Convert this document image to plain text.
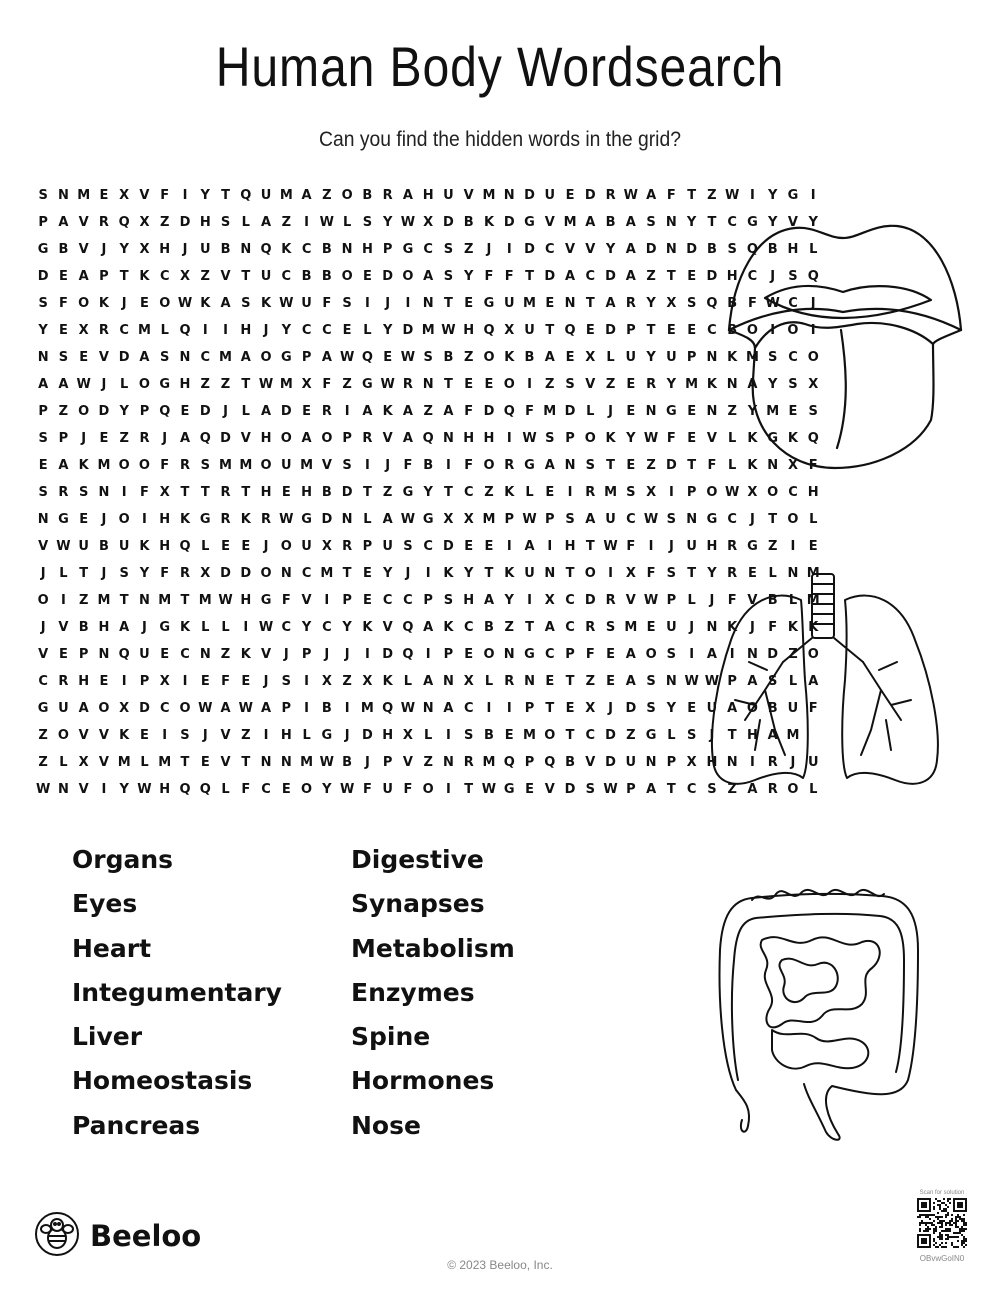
Human Body Wordsearch
Can you find the hidden words in the grid?
S N M E X V F I Y T Q U M A Z O B R A H U V M N D U E D R W A F T Z W I Y G I
P A V R Q X Z D H S L A Z I W L S Y W X D B K D G V M A B A S N Y T C G Y V Y
G B V J Y X H J U B N Q K C B N H P G C S Z J I D C V V Y A D N D B S Q B H L
D E A P T K C X Z V T U C B B O E D O A S Y F F T D A C D A Z T E D H C J S Q
S F O K J E O W K A S K W U F S I J I N T E G U M E N T A R Y X S Q B F W C J
Y E X R C M L Q I I H J Y C C E L Y D M W H Q X U T Q E D P T E E C B O I O I
N S E V D A S N C M A O G P A W Q E W S B Z O K B A E X L U Y U P N K M S C O
A A W J L O G H Z Z T W M X F Z G W R N T E E O I Z S V Z E R Y M K N A Y S X
P Z O D Y P Q E D J L A D E R I A K A Z A F D Q F M D L J E N G E N Z Y M E S
S P J E Z R J A Q D V H O A O P R V A Q N H H I W S P O K Y W F E V L K G K Q
E A K M O O F R S M M O U M V S I J F B I F O R G A N S T E Z D T F L K N X F
S R S N I F X T T R T H E H B D T Z G Y T C Z K L E I R M S X I P O W X O C H
N G E J O I H K G R K R W G D N L A W G X X M P W P S A U C W S N G C J T O L
V W U B U K H Q L E E J O U X R P U S C D E E I A I H T W F I J U H R G Z I E
J L T J S Y F R X D D O N C M T E Y J I K Y T K U N T O I X F S T Y R E L N M
O I Z M T N M T M W H G F V I P E C C P S H A Y I X C D R V W P L J F V B L M
J V B H A J G K L L I W C Y C Y K V Q A K C B Z T A C R S M E U J N K J F K K
V E P N Q U E C N Z K V J P J J I D Q I P E O N G C P F E A O S I A I N D Z O
C R H E I P X I E F E J S I X Z X K L A N X L R N E T Z E A S N W W P A S L A
G U A O X D C O W A W A P I B I M Q W N A C I I P T E X J D S Y E U A O B U F
Z O V V K E I S J V Z I H L G J D H X L I S B E M O T C D Z G L S J T H A M
Z L X V M L M T E V T N N M W B J P V Z N R M Q P Q B V D U N P X H N I R J U
W N V I Y W H Q Q L F C E O Y W F U F O I T W G E V D S W P A T C S Z A R O L
Organs
Eyes
Heart
Integumentary
Liver
Homeostasis
Pancreas
Digestive
Synapses
Metabolism
Enzymes
Spine
Hormones
Nose
Beeloo
© 2023 Beeloo, Inc.
Scan for solution
OBvwGoIN0
